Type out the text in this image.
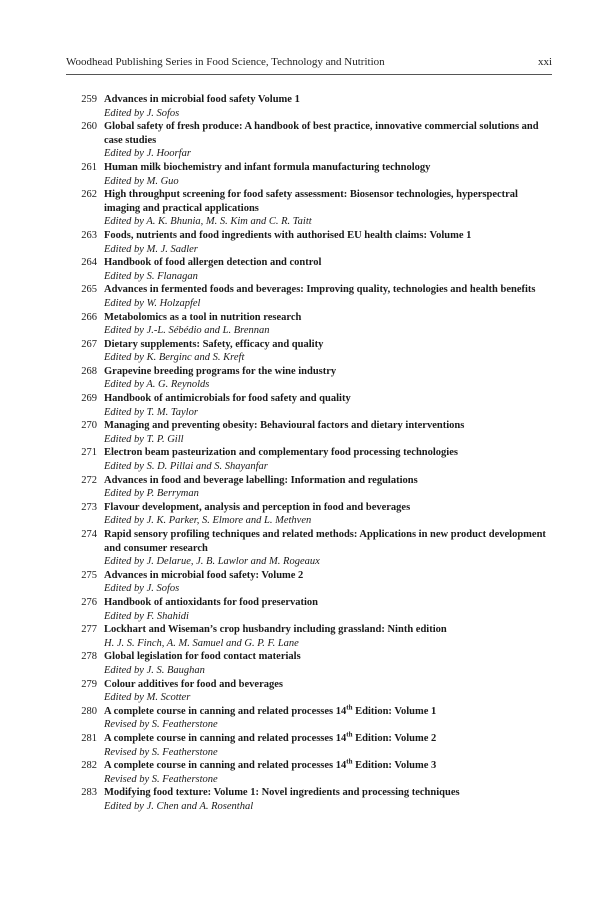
Woodhead Publishing Series in Food Science, Technology and Nutrition	xxi
259 Advances in microbial food safety Volume 1
Edited by J. Sofos
260 Global safety of fresh produce: A handbook of best practice, innovative commercial solutions and case studies
Edited by J. Hoorfar
261 Human milk biochemistry and infant formula manufacturing technology
Edited by M. Guo
262 High throughput screening for food safety assessment: Biosensor technologies, hyperspectral imaging and practical applications
Edited by A. K. Bhunia, M. S. Kim and C. R. Taitt
263 Foods, nutrients and food ingredients with authorised EU health claims: Volume 1
Edited by M. J. Sadler
264 Handbook of food allergen detection and control
Edited by S. Flanagan
265 Advances in fermented foods and beverages: Improving quality, technologies and health benefits
Edited by W. Holzapfel
266 Metabolomics as a tool in nutrition research
Edited by J.-L. Sébédio and L. Brennan
267 Dietary supplements: Safety, efficacy and quality
Edited by K. Berginc and S. Kreft
268 Grapevine breeding programs for the wine industry
Edited by A. G. Reynolds
269 Handbook of antimicrobials for food safety and quality
Edited by T. M. Taylor
270 Managing and preventing obesity: Behavioural factors and dietary interventions
Edited by T. P. Gill
271 Electron beam pasteurization and complementary food processing technologies
Edited by S. D. Pillai and S. Shayanfar
272 Advances in food and beverage labelling: Information and regulations
Edited by P. Berryman
273 Flavour development, analysis and perception in food and beverages
Edited by J. K. Parker, S. Elmore and L. Methven
274 Rapid sensory profiling techniques and related methods: Applications in new product development and consumer research
Edited by J. Delarue, J. B. Lawlor and M. Rogeaux
275 Advances in microbial food safety: Volume 2
Edited by J. Sofos
276 Handbook of antioxidants for food preservation
Edited by F. Shahidi
277 Lockhart and Wiseman’s crop husbandry including grassland: Ninth edition
H. J. S. Finch, A. M. Samuel and G. P. F. Lane
278 Global legislation for food contact materials
Edited by J. S. Baughan
279 Colour additives for food and beverages
Edited by M. Scotter
280 A complete course in canning and related processes 14th Edition: Volume 1
Revised by S. Featherstone
281 A complete course in canning and related processes 14th Edition: Volume 2
Revised by S. Featherstone
282 A complete course in canning and related processes 14th Edition: Volume 3
Revised by S. Featherstone
283 Modifying food texture: Volume 1: Novel ingredients and processing techniques
Edited by J. Chen and A. Rosenthal
